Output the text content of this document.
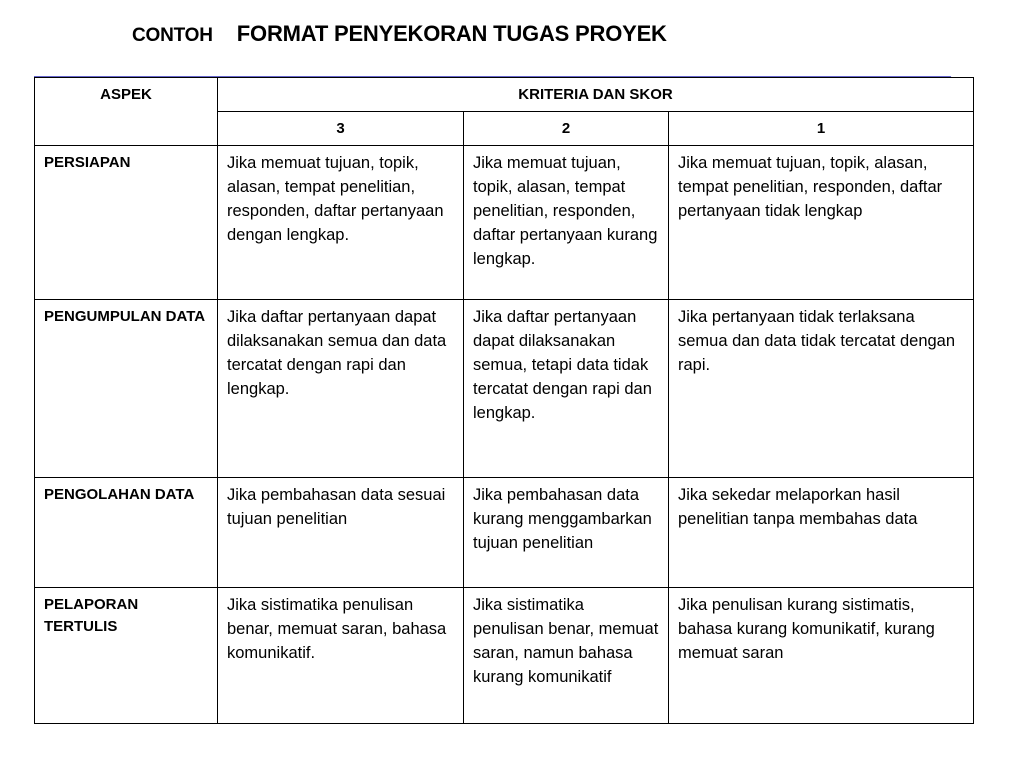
CONTOH FORMAT PENYEKORAN TUGAS PROYEK
ASPEK	KRITERIA DAN SKOR		
	3	2	1
PERSIAPAN	Jika memuat tujuan, topik, alasan, tempat penelitian, responden, daftar pertanyaan dengan lengkap.	Jika memuat tujuan, topik, alasan, tempat penelitian, responden, daftar pertanyaan kurang lengkap.	Jika memuat tujuan, topik, alasan, tempat penelitian, responden, daftar pertanyaan tidak lengkap
PENGUMPULAN DATA	Jika daftar pertanyaan dapat dilaksanakan semua dan data tercatat dengan rapi dan lengkap.	Jika daftar pertanyaan dapat dilaksanakan semua, tetapi data tidak tercatat dengan rapi dan lengkap.	Jika pertanyaan tidak terlaksana semua dan data tidak tercatat dengan rapi.
PENGOLAHAN DATA	Jika pembahasan data sesuai tujuan penelitian	Jika pembahasan data kurang menggambarkan tujuan penelitian	Jika sekedar melaporkan hasil penelitian tanpa membahas data
PELAPORAN TERTULIS	Jika sistimatika penulisan benar, memuat saran, bahasa komunikatif.	Jika sistimatika penulisan benar, memuat saran, namun bahasa kurang komunikatif	Jika penulisan kurang sistimatis, bahasa kurang komunikatif, kurang memuat saran
